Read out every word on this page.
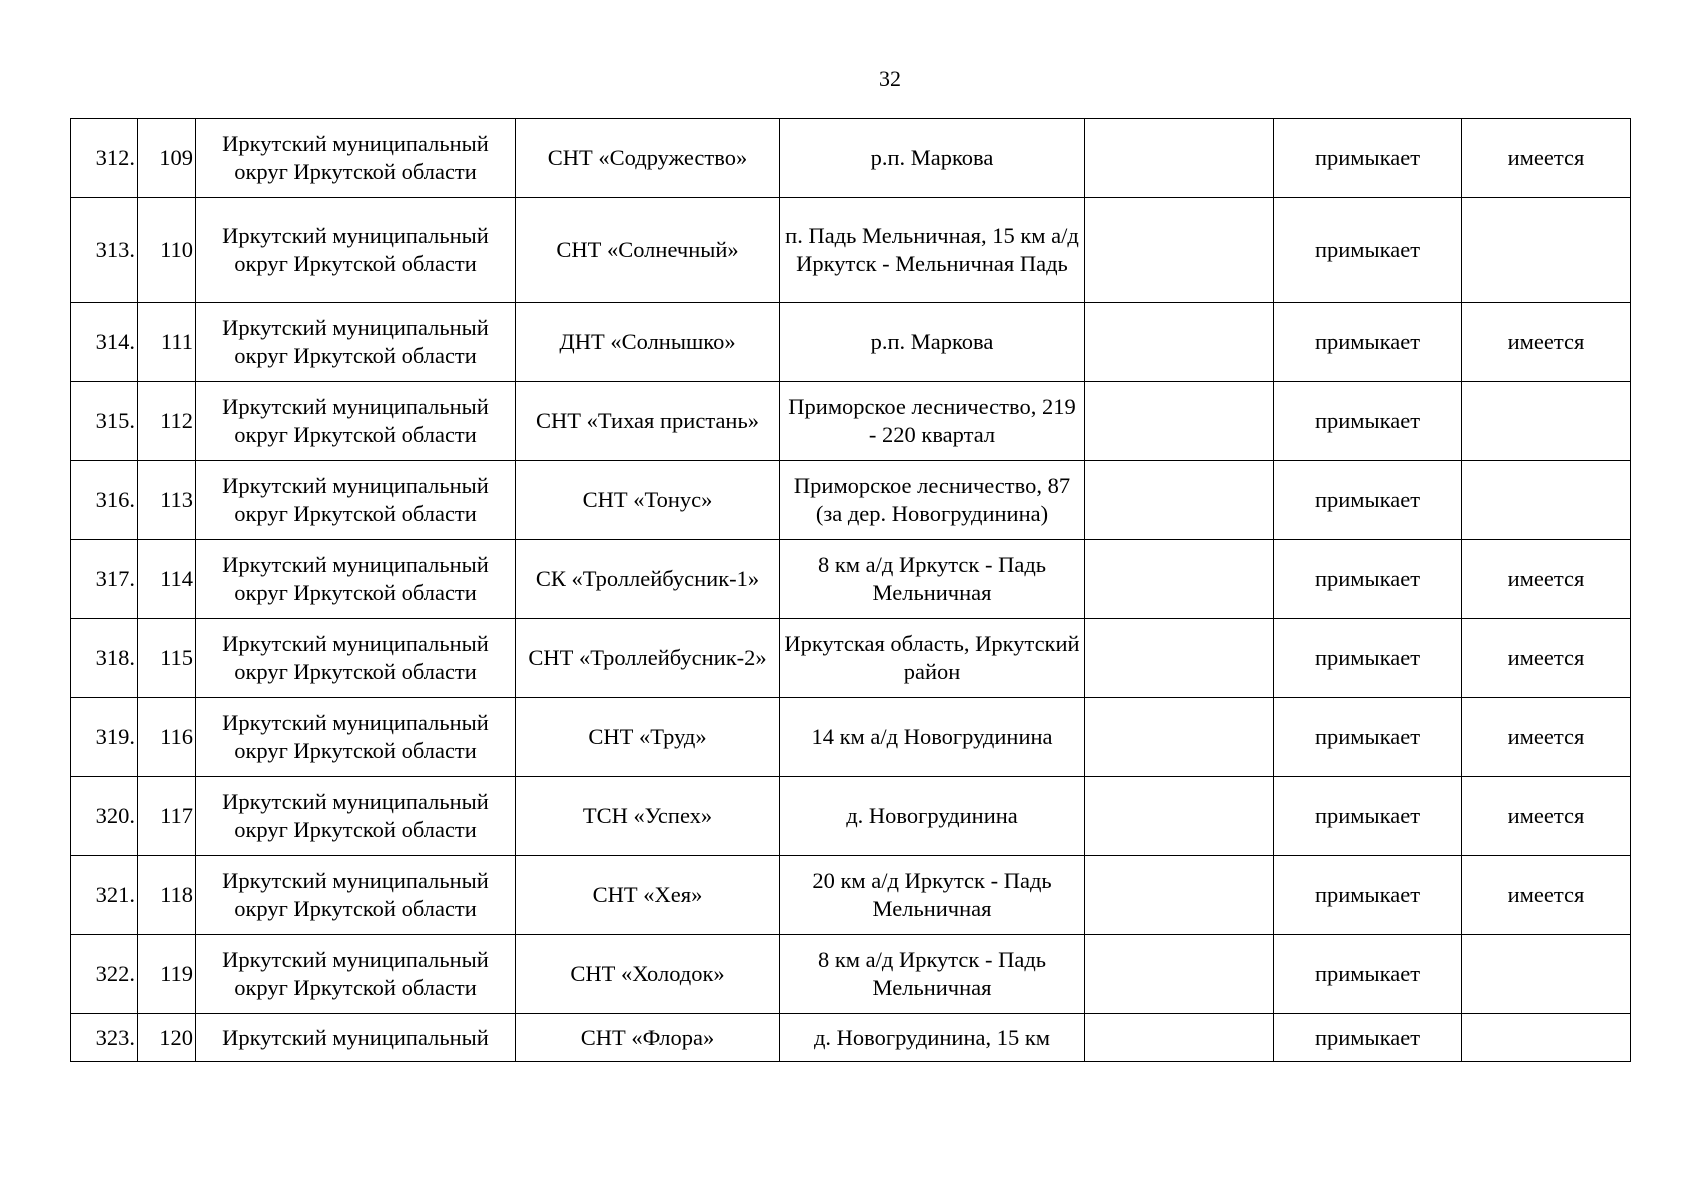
32
312.	109	Иркутский муниципальный округ Иркутской области	СНТ «Содружество»	р.п. Маркова		примыкает	имеется
313.	110	Иркутский муниципальный округ Иркутской области	СНТ «Солнечный»	п. Падь Мельничная, 15 км а/д Иркутск - Мельничная Падь		примыкает	
314.	111	Иркутский муниципальный округ Иркутской области	ДНТ «Солнышко»	р.п. Маркова		примыкает	имеется
315.	112	Иркутский муниципальный округ Иркутской области	СНТ «Тихая пристань»	Приморское лесничество, 219 - 220 квартал		примыкает	
316.	113	Иркутский муниципальный округ Иркутской области	СНТ «Тонус»	Приморское лесничество, 87 (за дер. Новогрудинина)		примыкает	
317.	114	Иркутский муниципальный округ Иркутской области	СК «Троллейбусник-1»	8 км а/д Иркутск - Падь Мельничная		примыкает	имеется
318.	115	Иркутский муниципальный округ Иркутской области	СНТ «Троллейбусник-2»	Иркутская область, Иркутский район		примыкает	имеется
319.	116	Иркутский муниципальный округ Иркутской области	СНТ «Труд»	14 км а/д Новогрудинина		примыкает	имеется
320.	117	Иркутский муниципальный округ Иркутской области	ТСН «Успех»	д. Новогрудинина		примыкает	имеется
321.	118	Иркутский муниципальный округ Иркутской области	СНТ «Хея»	20 км а/д Иркутск - Падь Мельничная		примыкает	имеется
322.	119	Иркутский муниципальный округ Иркутской области	СНТ «Холодок»	8 км а/д Иркутск - Падь Мельничная		примыкает	
323.	120	Иркутский муниципальный	СНТ «Флора»	д. Новогрудинина, 15 км		примыкает	
